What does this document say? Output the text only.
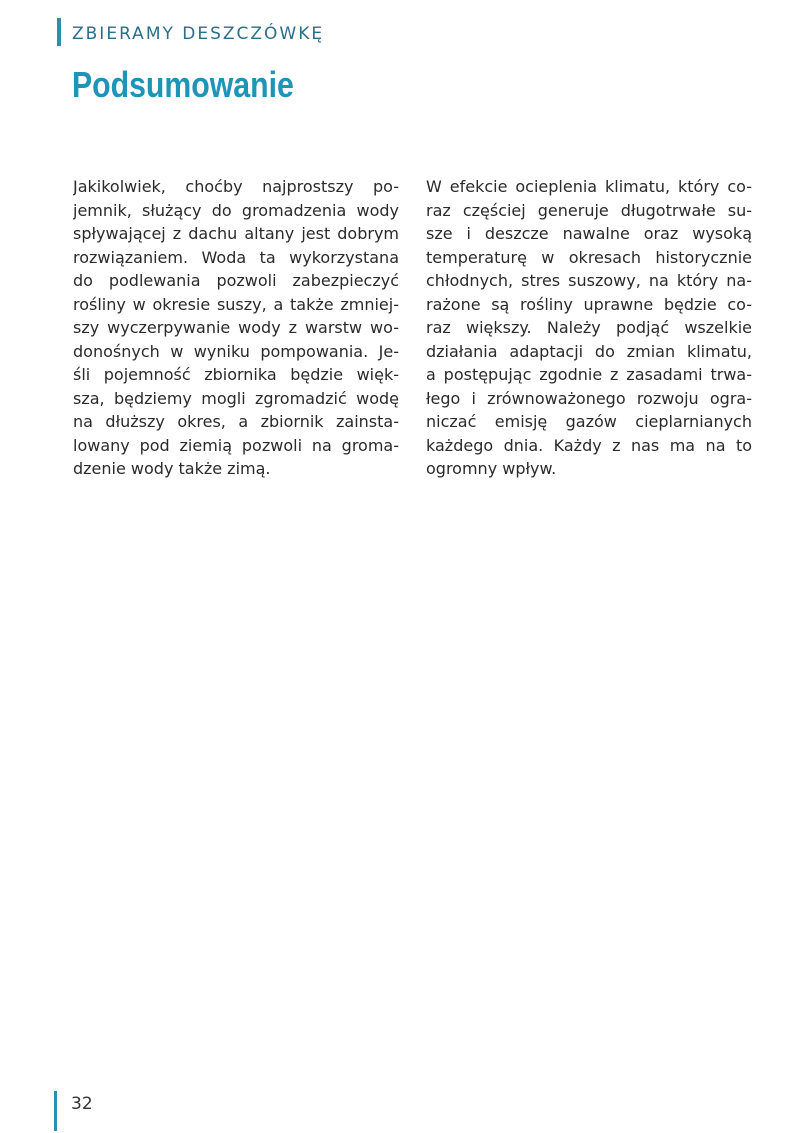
ZBIERAMY DESZCZÓWKĘ
Podsumowanie
Jakikolwiek, choćby najprostszy po-
jemnik, służący do gromadzenia wody
spływającej z dachu altany jest dobrym
rozwiązaniem. Woda ta wykorzystana
do podlewania pozwoli zabezpieczyć
rośliny w okresie suszy, a także zmniej-
szy wyczerpywanie wody z warstw wo-
donośnych w wyniku pompowania. Je-
śli pojemność zbiornika będzie więk-
sza, będziemy mogli zgromadzić wodę
na dłuższy okres, a zbiornik zainsta-
lowany pod ziemią pozwoli na groma-
dzenie wody także zimą.
W efekcie ocieplenia klimatu, który co-
raz częściej generuje długotrwałe su-
sze i deszcze nawalne oraz wysoką
temperaturę w okresach historycznie
chłodnych, stres suszowy, na który na-
rażone są rośliny uprawne będzie co-
raz większy. Należy podjąć wszelkie
działania adaptacji do zmian klimatu,
a postępując zgodnie z zasadami trwa-
łego i zrównoważonego rozwoju ogra-
niczać emisję gazów cieplarnianych
każdego dnia. Każdy z nas ma na to
ogromny wpływ.
32
